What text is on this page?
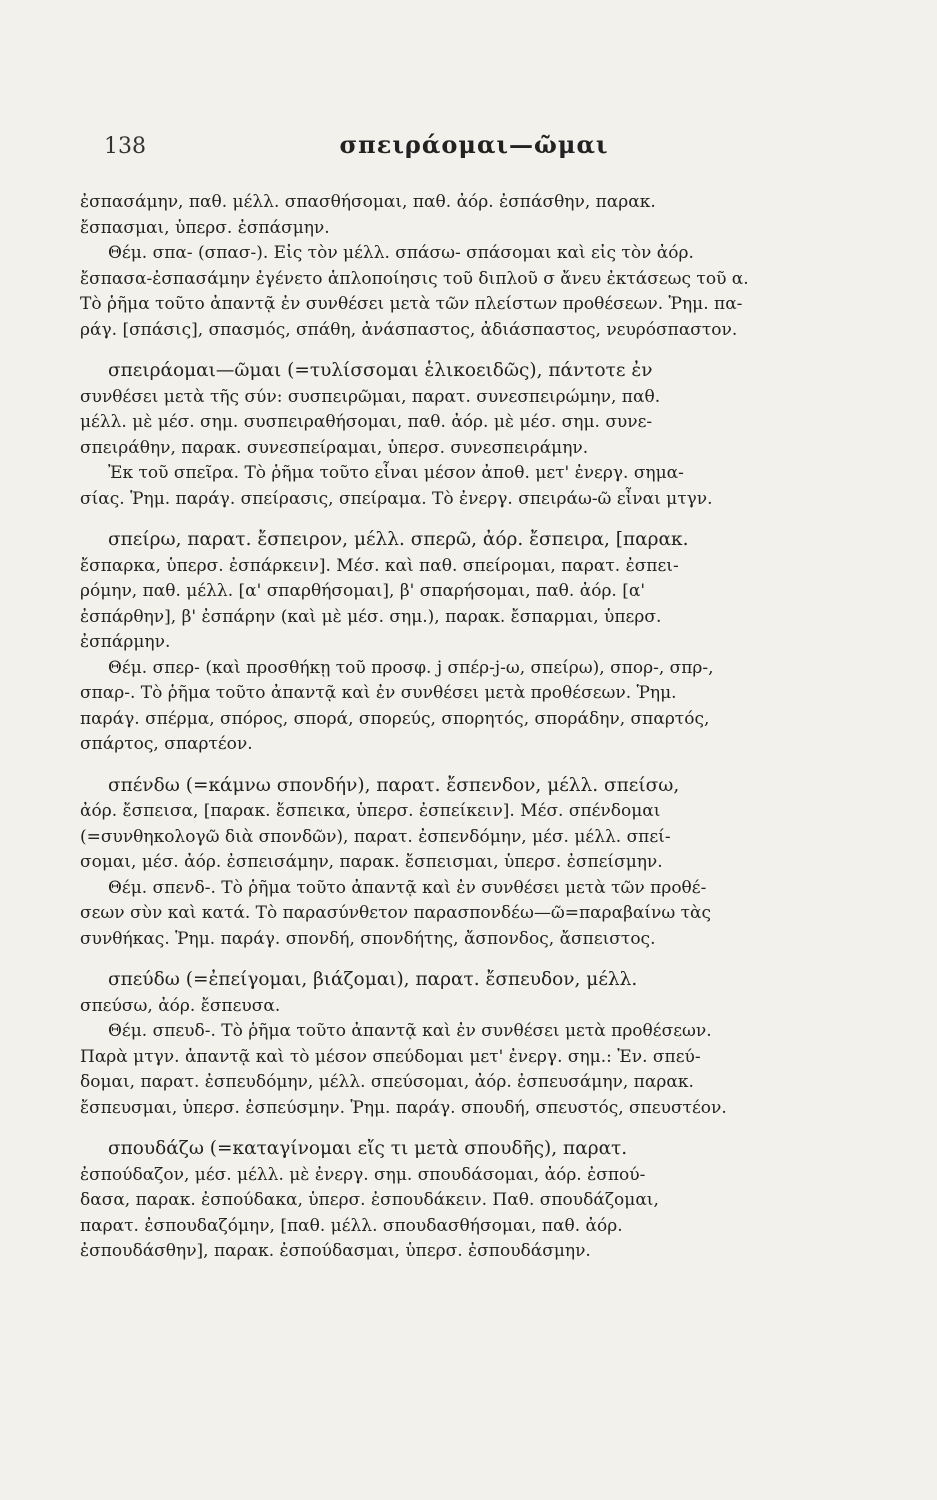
138	σπειράομαι—ῶμαι

ἐσπασάμην, παθ. μέλλ. σπασθήσομαι, παθ. ἀόρ. ἐσπάσθην, παρακ.

ἔσπασμαι, ὑπερσ. ἐσπάσμην.

Θέμ. σπα- (σπασ-). Εἰς τὸν μέλλ. σπάσω- σπάσομαι καὶ εἰς τὸν ἀόρ.

ἔσπασα-ἐσπασάμην ἐγένετο ἁπλοποίησις τοῦ διπλοῦ σ ἄνευ ἐκτάσεως τοῦ α.

Τὸ ῥῆμα τοῦτο ἀπαντᾷ ἐν συνθέσει μετὰ τῶν πλείστων προθέσεων. Ῥημ. πα-

ράγ. [σπάσις], σπασμός, σπάθη, ἀνάσπαστος, ἀδιάσπαστος, νευρόσπαστον.

σπειράομαι—ῶμαι (=τυλίσσομαι ἑλικοειδῶς), πάντοτε ἐν

συνθέσει μετὰ τῆς σύν: συσπειρῶμαι, παρατ. συνεσπειρώμην, παθ.

μέλλ. μὲ μέσ. σημ. συσπειραθήσομαι, παθ. ἀόρ. μὲ μέσ. σημ. συνε-

σπειράθην, παρακ. συνεσπείραμαι, ὑπερσ. συνεσπειράμην.

Ἐκ τοῦ σπεῖρα. Τὸ ῥῆμα τοῦτο εἶναι μέσον ἀποθ. μετ' ἐνεργ. σημα-

σίας. Ῥημ. παράγ. σπείρασις, σπείραμα. Τὸ ἐνεργ. σπειράω-ῶ εἶναι μτγν.

σπείρω, παρατ. ἔσπειρον, μέλλ. σπερῶ, ἀόρ. ἔσπειρα, [παρακ.

ἔσπαρκα, ὑπερσ. ἐσπάρκειν]. Μέσ. καὶ παθ. σπείρομαι, παρατ. ἐσπει-

ρόμην, παθ. μέλλ. [α' σπαρθήσομαι], β' σπαρήσομαι, παθ. ἀόρ. [α'

ἐσπάρθην], β' ἐσπάρην (καὶ μὲ μέσ. σημ.), παρακ. ἔσπαρμαι, ὑπερσ.

ἐσπάρμην.

Θέμ. σπερ- (καὶ προσθήκῃ τοῦ προσφ. j σπέρ-j-ω, σπείρω), σπορ-, σπρ-,

σπαρ-. Τὸ ῥῆμα τοῦτο ἀπαντᾷ καὶ ἐν συνθέσει μετὰ προθέσεων. Ῥημ.

παράγ. σπέρμα, σπόρος, σπορά, σπορεύς, σπορητός, σποράδην, σπαρτός,

σπάρτος, σπαρτέον.

σπένδω (=κάμνω σπονδήν), παρατ. ἔσπενδον, μέλλ. σπείσω,

ἀόρ. ἔσπεισα, [παρακ. ἔσπεικα, ὑπερσ. ἐσπείκειν]. Μέσ. σπένδομαι

(=συνθηκολογῶ διὰ σπονδῶν), παρατ. ἐσπενδόμην, μέσ. μέλλ. σπεί-

σομαι, μέσ. ἀόρ. ἐσπεισάμην, παρακ. ἔσπεισμαι, ὑπερσ. ἐσπείσμην.

Θέμ. σπενδ-. Τὸ ῥῆμα τοῦτο ἀπαντᾷ καὶ ἐν συνθέσει μετὰ τῶν προθέ-

σεων σὺν καὶ κατά. Τὸ παρασύνθετον παρασπονδέω—ῶ=παραβαίνω τὰς

συνθήκας. Ῥημ. παράγ. σπονδή, σπονδήτης, ἄσπονδος, ἄσπειστος.

σπεύδω (=ἐπείγομαι, βιάζομαι), παρατ. ἔσπευδον, μέλλ.

σπεύσω, ἀόρ. ἔσπευσα.

Θέμ. σπευδ-. Τὸ ῥῆμα τοῦτο ἀπαντᾷ καὶ ἐν συνθέσει μετὰ προθέσεων.

Παρὰ μτγν. ἀπαντᾷ καὶ τὸ μέσον σπεύδομαι μετ' ἐνεργ. σημ.: Ἐν. σπεύ-

δομαι, παρατ. ἐσπευδόμην, μέλλ. σπεύσομαι, ἀόρ. ἐσπευσάμην, παρακ.

ἔσπευσμαι, ὑπερσ. ἐσπεύσμην. Ῥημ. παράγ. σπουδή, σπευστός, σπευστέον.

σπουδάζω (=καταγίνομαι εἴς τι μετὰ σπουδῆς), παρατ.

ἐσπούδαζον, μέσ. μέλλ. μὲ ἐνεργ. σημ. σπουδάσομαι, ἀόρ. ἐσπού-

δασα, παρακ. ἐσπούδακα, ὑπερσ. ἐσπουδάκειν. Παθ. σπουδάζομαι,

παρατ. ἐσπουδαζόμην, [παθ. μέλλ. σπουδασθήσομαι, παθ. ἀόρ.

ἐσπουδάσθην], παρακ. ἐσπούδασμαι, ὑπερσ. ἐσπουδάσμην.
